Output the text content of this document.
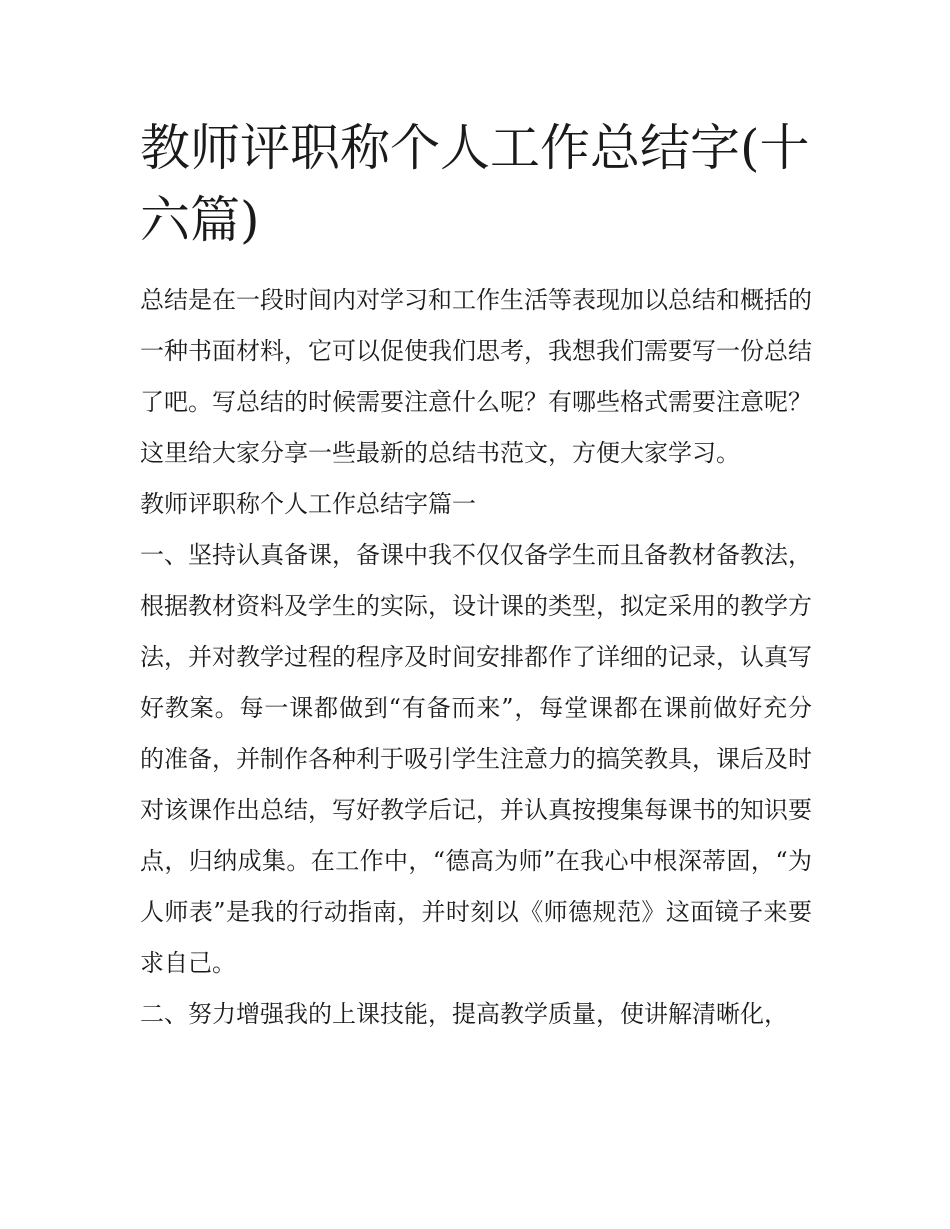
教师评职称个人工作总结字(十六篇)

总结是在一段时间内对学习和工作生活等表现加以总结和概括的一种书面材料，它可以促使我们思考，我想我们需要写一份总结了吧。写总结的时候需要注意什么呢？有哪些格式需要注意呢？这里给大家分享一些最新的总结书范文，方便大家学习。

教师评职称个人工作总结字篇一

一、坚持认真备课，备课中我不仅仅备学生而且备教材备教法，根据教材资料及学生的实际，设计课的类型，拟定采用的教学方法，并对教学过程的程序及时间安排都作了详细的记录，认真写好教案。每一课都做到“有备而来”，每堂课都在课前做好充分的准备，并制作各种利于吸引学生注意力的搞笑教具，课后及时对该课作出总结，写好教学后记，并认真按搜集每课书的知识要点，归纳成集。在工作中，“德高为师”在我心中根深蒂固，“为人师表”是我的行动指南，并时刻以《师德规范》这面镜子来要求自己。

二、努力增强我的上课技能，提高教学质量，使讲解清晰化，
